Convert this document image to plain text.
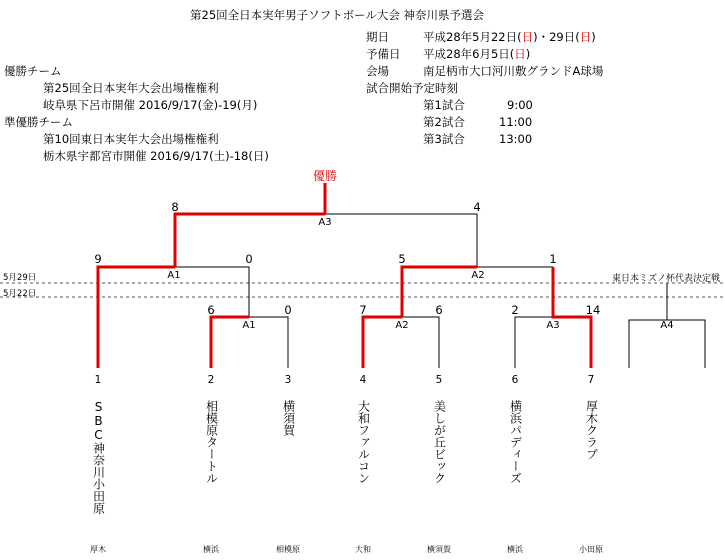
第25回全日本実年男子ソフトボール大会 神奈川県予選会
期日	平成28年5月22日(日)・29日(日)
予備日 平成28年6月5日(日)
会場	南足柄市大口河川敷グランドA球場
試合開始予定時刻
第1試合	9:00
第2試合	11:00
第3試合	13:00
優勝チーム
第25回全日本実年大会出場権権利
岐阜県下呂市開催 2016/9/17(金)-19(月)
準優勝チーム
第10回東日本実年大会出場権権利
栃木県宇都宮市開催 2016/9/17(土)-18(日)
優勝
5月29日
5月22日
東日本ミズノ杯代表決定戦
8	4
A3
9	0
A1
5	1
A2
6	0
A1
7	6
A2
2	14
A3	A4
1	2	3	4	5	6	7
SBC神奈川小田原	相模原タートル	横須賀	大和ファルコン	美しが丘ビック	横浜パディーズ	厚木クラブ
厚木	横浜	相模原	大和	横須賀	横浜	小田原
